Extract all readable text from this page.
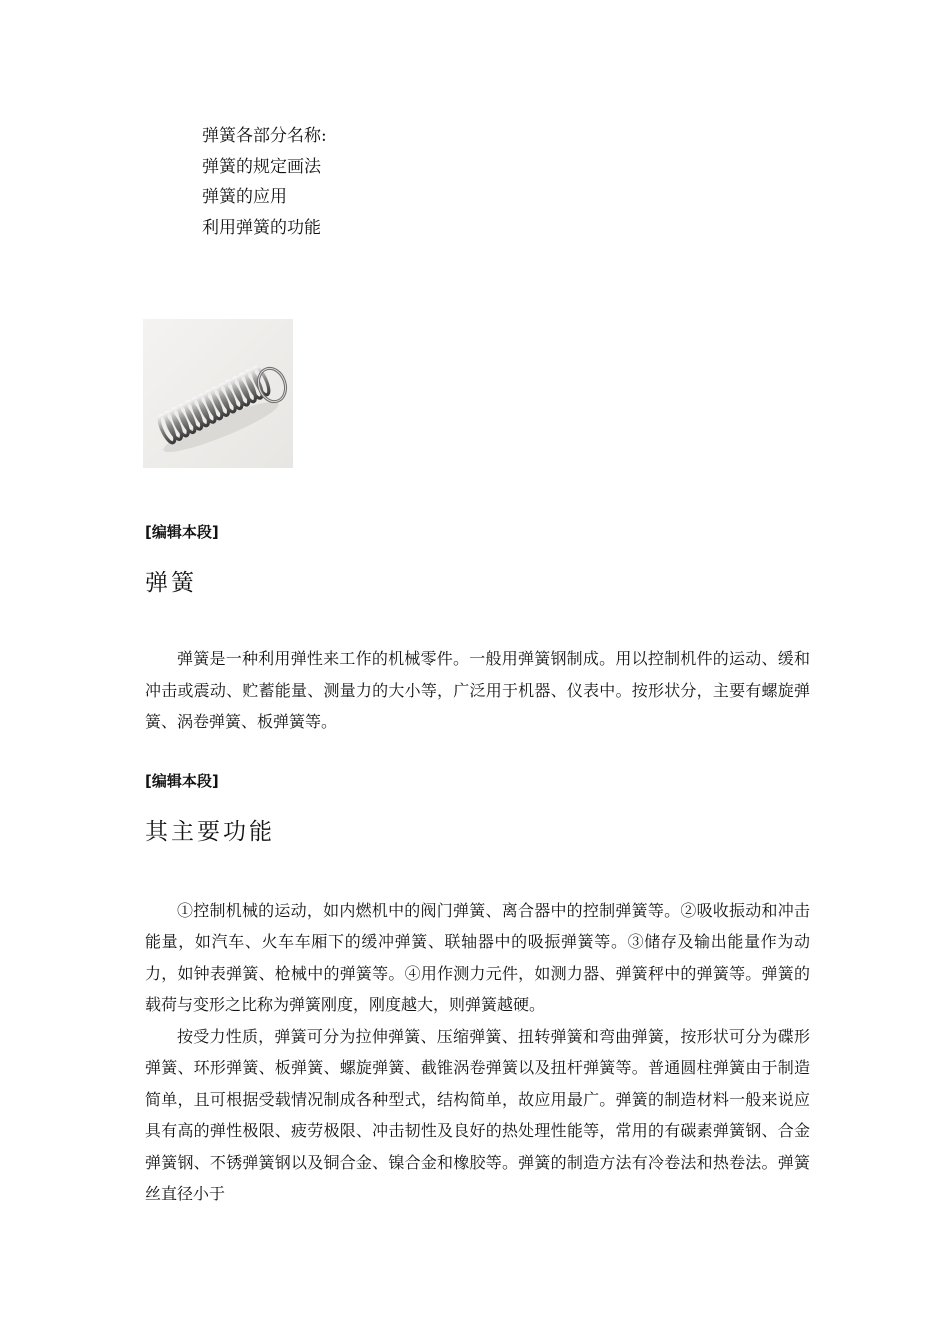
弹簧各部分名称:
弹簧的规定画法
弹簧的应用
利用弹簧的功能
[编辑本段]
弹簧

弹簧是一种利用弹性来工作的机械零件。一般用弹簧钢制成。用以控制机件的运动、缓和冲击或震动、贮蓄能量、测量力的大小等，广泛用于机器、仪表中。按形状分，主要有螺旋弹簧、涡卷弹簧、板弹簧等。

[编辑本段]
其主要功能

①控制机械的运动，如内燃机中的阀门弹簧、离合器中的控制弹簧等。②吸收振动和冲击能量，如汽车、火车车厢下的缓冲弹簧、联轴器中的吸振弹簧等。③储存及输出能量作为动力，如钟表弹簧、枪械中的弹簧等。④用作测力元件，如测力器、弹簧秤中的弹簧等。弹簧的载荷与变形之比称为弹簧刚度，刚度越大，则弹簧越硬。

按受力性质，弹簧可分为拉伸弹簧、压缩弹簧、扭转弹簧和弯曲弹簧，按形状可分为碟形弹簧、环形弹簧、板弹簧、螺旋弹簧、截锥涡卷弹簧以及扭杆弹簧等。普通圆柱弹簧由于制造简单，且可根据受载情况制成各种型式，结构简单，故应用最广。弹簧的制造材料一般来说应具有高的弹性极限、疲劳极限、冲击韧性及良好的热处理性能等，常用的有碳素弹簧钢、合金弹簧钢、不锈弹簧钢以及铜合金、镍合金和橡胶等。弹簧的制造方法有冷卷法和热卷法。弹簧丝直径小于
